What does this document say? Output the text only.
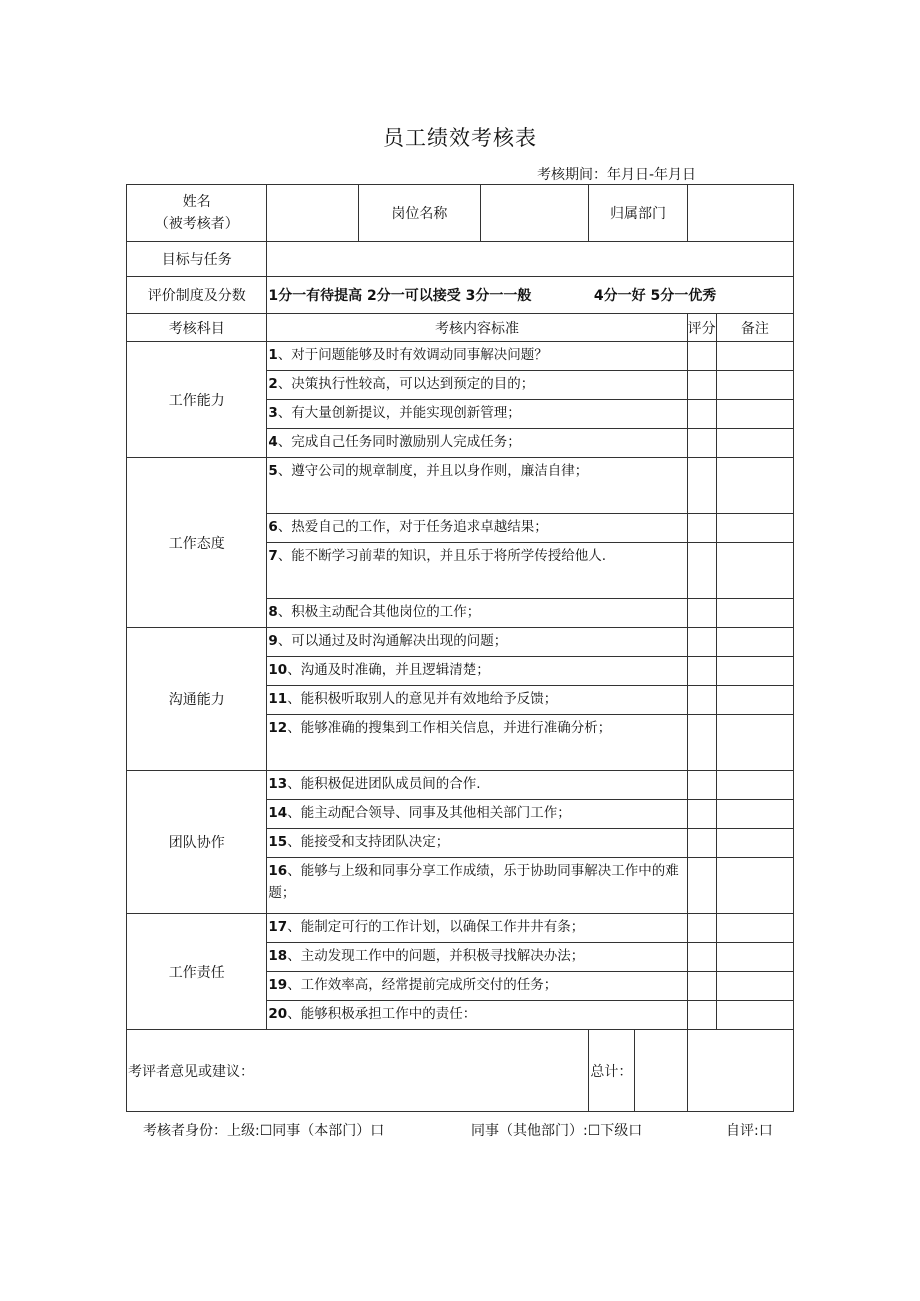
员工绩效考核表
考核期间：年月日-年月日
姓名
（被考核者）		岗位名称		归属部门			
目标与任务							
评价制度及分数	1分一有待提高 2分一可以接受 3分一一般 4分一好 5分一优秀						
考核科目	考核内容标准					评分	备注
工作能力	1、对于问题能够及时有效调动同事解决问题？						
	2、决策执行性较高，可以达到预定的目的；						
	3、有大量创新提议，并能实现创新管理；						
	4、完成自己任务同时激励别人完成任务；						
工作态度	5、遵守公司的规章制度，并且以身作则，廉洁自律；						
	6、热爱自己的工作，对于任务追求卓越结果；						
	7、能不断学习前辈的知识，并且乐于将所学传授给他人.						
	8、积极主动配合其他岗位的工作；						
沟通能力	9、可以通过及时沟通解决出现的问题；						
	10、沟通及时准确，并且逻辑清楚；						
	11、能积极听取别人的意见并有效地给予反馈；						
	12、能够准确的搜集到工作相关信息，并进行准确分析；						
团队协作	13、能积极促进团队成员间的合作.						
	14、能主动配合领导、同事及其他相关部门工作；						
	15、能接受和支持团队决定；						
	16、能够与上级和同事分享工作成绩，乐于协助同事解决工作中的难题；						
工作责任	17、能制定可行的工作计划，以确保工作井井有条；						
	18、主动发现工作中的问题，并积极寻找解决办法；						
	19、工作效率高，经常提前完成所交付的任务；						
	20、能够积极承担工作中的责任：						
考评者意见或建议：				总计：			
考核者身份：上级:☐同事（本部门）口	同事（其他部门）:☐下级口	自评:口
